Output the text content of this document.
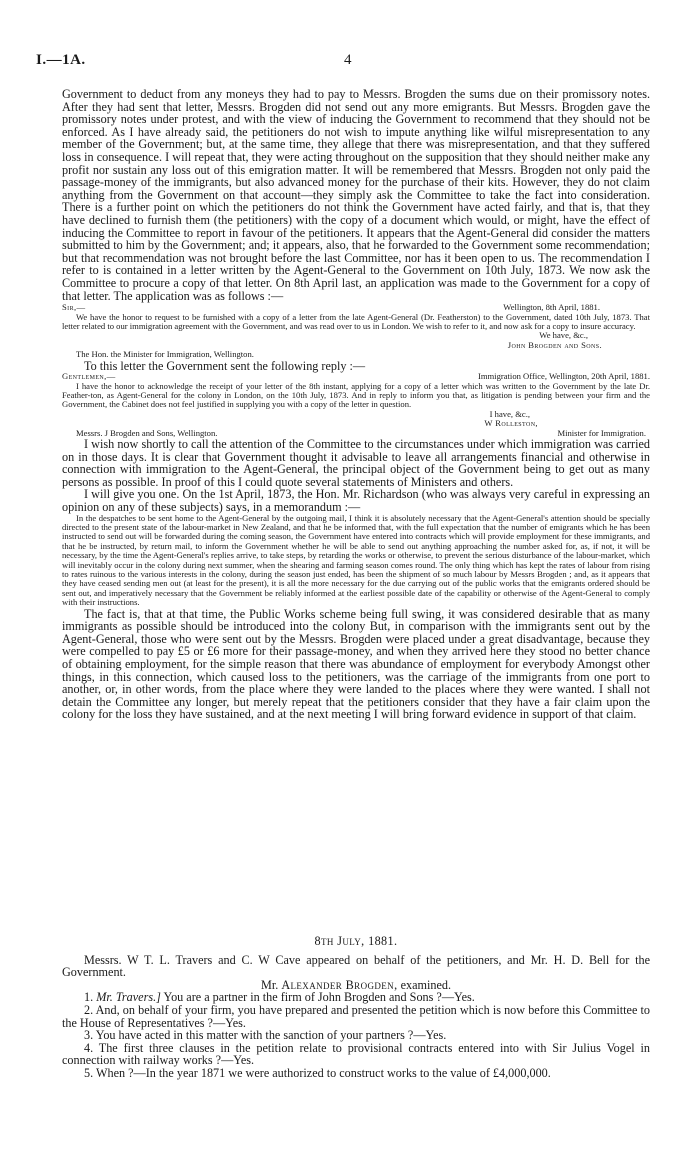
I.—1A.	4

Government to deduct from any moneys they had to pay to Messrs. Brogden the sums due on their promissory notes. After they had sent that letter, Messrs. Brogden did not send out any more emigrants. But Messrs. Brogden gave the promissory notes under protest, and with the view of inducing the Government to recommend that they should not be enforced. As I have already said, the petitioners do not wish to impute anything like wilful misrepresentation to any member of the Government; but, at the same time, they allege that there was misrepresentation, and that they suffered loss in consequence. I will repeat that, they were acting throughout on the supposition that they should neither make any profit nor sustain any loss out of this emigration matter. It will be remembered that Messrs. Brogden not only paid the passage-money of the immigrants, but also advanced money for the purchase of their kits. However, they do not claim anything from the Government on that account—they simply ask the Committee to take the fact into consideration. There is a further point on which the petitioners do not think the Government have acted fairly, and that is, that they have declined to furnish them (the petitioners) with the copy of a document which would, or might, have the effect of inducing the Committee to report in favour of the petitioners. It appears that the Agent-General did consider the matters submitted to him by the Government; and; it appears, also, that he forwarded to the Government some recommendation; but that recommendation was not brought before the last Committee, nor has it been open to us. The recommendation I refer to is contained in a letter written by the Agent-General to the Government on 10th July, 1873. We now ask the Committee to procure a copy of that letter. On 8th April last, an application was made to the Government for a copy of that letter. The application was as follows :—

Sir,—	Wellington, 8th April, 1881.

We have the honor to request to be furnished with a copy of a letter from the late Agent-General (Dr. Featherston) to the Government, dated 10th July, 1873. That letter related to our immigration agreement with the Government, and was read over to us in London. We wish to refer to it, and now ask for a copy to insure accuracy.

We have, &c.,

John Brogden and Sons.

The Hon. the Minister for Immigration, Wellington.

To this letter the Government sent the following reply :—

Gentlemen,—	Immigration Office, Wellington, 20th April, 1881.

I have the honor to acknowledge the receipt of your letter of the 8th instant, applying for a copy of a letter which was written to the Government by the late Dr. Feather-ton, as Agent-General for the colony in London, on the 10th July, 1873. And in reply to inform you that, as litigation is pending between your firm and the Government, the Cabinet does not feel justified in supplying you with a copy of the letter in question.

I have, &c.,

W Rolleston,

Messrs. J Brogden and Sons, Wellington.	Minister for Immigration.

I wish now shortly to call the attention of the Committee to the circumstances under which immigration was carried on in those days. It is clear that Government thought it advisable to leave all arrangements financial and otherwise in connection with immigration to the Agent-General, the principal object of the Government being to get out as many persons as possible. In proof of this I could quote several statements of Ministers and others.

I will give you one. On the 1st April, 1873, the Hon. Mr. Richardson (who was always very careful in expressing an opinion on any of these subjects) says, in a memorandum :—

In the despatches to be sent home to the Agent-General by the outgoing mail, I think it is absolutely necessary that the Agent-General's attention should be specially directed to the present state of the labour-market in New Zealand, and that he be informed that, with the full expectation that the number of emigrants which he has been instructed to send out will be forwarded during the coming season, the Government have entered into contracts which will provide employment for these immigrants, and that he be instructed, by return mail, to inform the Government whether he will be able to send out anything approaching the number asked for, as, if not, it will be necessary, by the time the Agent-General's replies arrive, to take steps, by retarding the works or otherwise, to prevent the serious disturbance of the labour-market, which will inevitably occur in the colony during next summer, when the shearing and farming season comes round. The only thing which has kept the rates of labour from rising to rates ruinous to the various interests in the colony, during the season just ended, has been the shipment of so much labour by Messrs Brogden ; and, as it appears that they have ceased sending men out (at least for the present), it is all the more necessary for the due carrying out of the public works that the emigrants ordered should be sent out, and imperatively necessary that the Government be reliably informed at the earliest possible date of the capability or otherwise of the Agent-General to comply with their instructions.

The fact is, that at that time, the Public Works scheme being full swing, it was considered desirable that as many immigrants as possible should be introduced into the colony But, in comparison with the immigrants sent out by the Agent-General, those who were sent out by the Messrs. Brogden were placed under a great disadvantage, because they were compelled to pay £5 or £6 more for their passage-money, and when they arrived here they stood no better chance of obtaining employment, for the simple reason that there was abundance of employment for everybody Amongst other things, in this connection, which caused loss to the petitioners, was the carriage of the immigrants from one port to another, or, in other words, from the place where they were landed to the places where they were wanted. I shall not detain the Committee any longer, but merely repeat that the petitioners consider that they have a fair claim upon the colony for the loss they have sustained, and at the next meeting I will bring forward evidence in support of that claim.

8th July, 1881.

Messrs. W T. L. Travers and C. W Cave appeared on behalf of the petitioners, and Mr. H. D. Bell for the Government.

Mr. Alexander Brogden, examined.

1. Mr. Travers.] You are a partner in the firm of John Brogden and Sons ?—Yes.

2. And, on behalf of your firm, you have prepared and presented the petition which is now before this Committee to the House of Representatives ?—Yes.

3. You have acted in this matter with the sanction of your partners ?—Yes.

4. The first three clauses in the petition relate to provisional contracts entered into with Sir Julius Vogel in connection with railway works ?—Yes.

5. When ?—In the year 1871 we were authorized to construct works to the value of £4,000,000.
